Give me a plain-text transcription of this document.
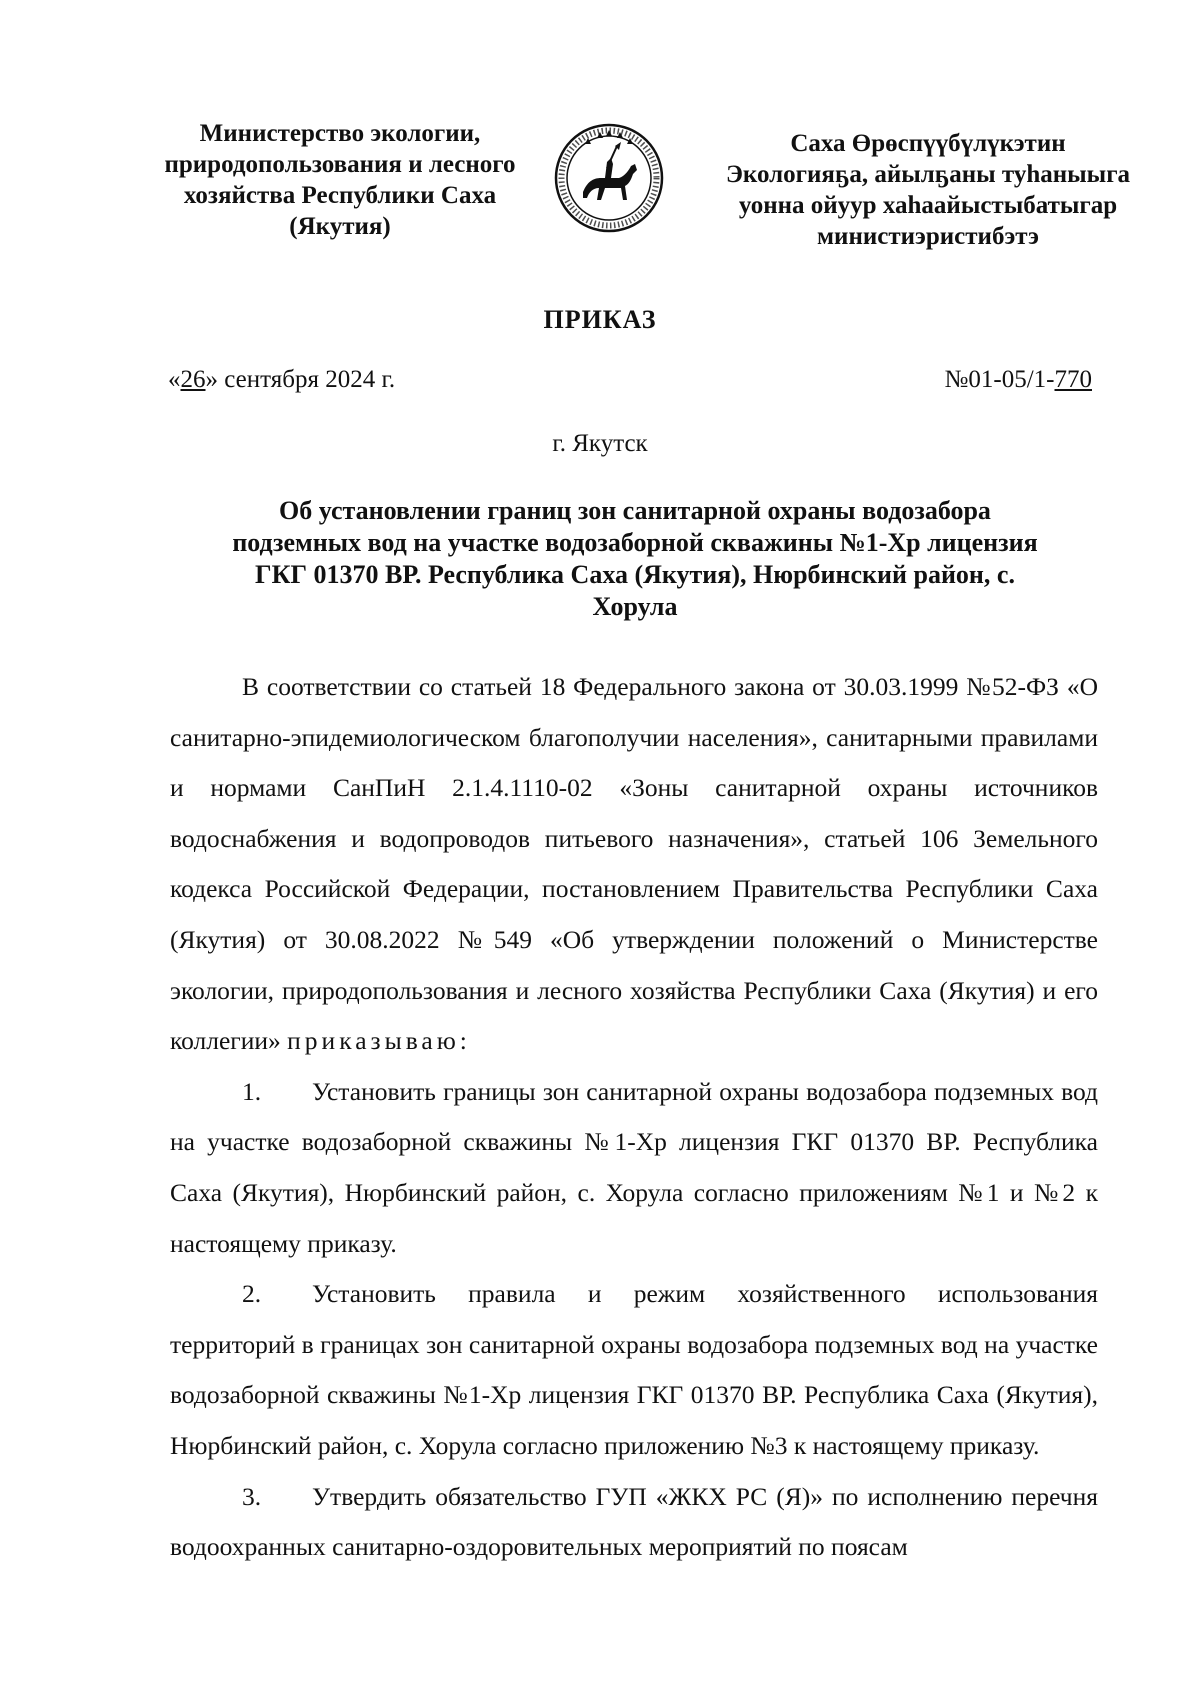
Министерство экологии,
природопользования и лесного
хозяйства Республики Саха
(Якутия)
Саха Өрөспүүбүлүкэтин
Экологияҕа, айылҕаны туһаныыга
уонна ойуур хаһаайыстыбатыгар
министиэристибэтэ
ПРИКАЗ
«26» сентября 2024 г.	№01-05/1-770
г. Якутск
Об установлении границ зон санитарной охраны водозабора
подземных вод на участке водозаборной скважины №1-Хр лицензия
ГКГ 01370 ВР. Республика Саха (Якутия), Нюрбинский район, с.
Хорула

В соответствии со статьей 18 Федерального закона от 30.03.1999 №52-ФЗ «О санитарно-эпидемиологическом благополучии населения», санитарными правилами и нормами СанПиН 2.1.4.1110-02 «Зоны санитарной охраны источников водоснабжения и водопроводов питьевого назначения», статьей 106 Земельного кодекса Российской Федерации, постановлением Правительства Республики Саха (Якутия) от 30.08.2022 №549 «Об утверждении положений о Министерстве экологии, природопользования и лесного хозяйства Республики Саха (Якутия) и его коллегии» приказываю:

1. Установить границы зон санитарной охраны водозабора подземных вод на участке водозаборной скважины №1-Хр лицензия ГКГ 01370 ВР. Республика Саха (Якутия), Нюрбинский район, с. Хорула согласно приложениям №1 и №2 к настоящему приказу.

2. Установить правила и режим хозяйственного использования территорий в границах зон санитарной охраны водозабора подземных вод на участке водозаборной скважины №1-Хр лицензия ГКГ 01370 ВР. Республика Саха (Якутия), Нюрбинский район, с. Хорула согласно приложению №3 к настоящему приказу.

3. Утвердить обязательство ГУП «ЖКХ РС (Я)» по исполнению перечня водоохранных санитарно-оздоровительных мероприятий по поясам
